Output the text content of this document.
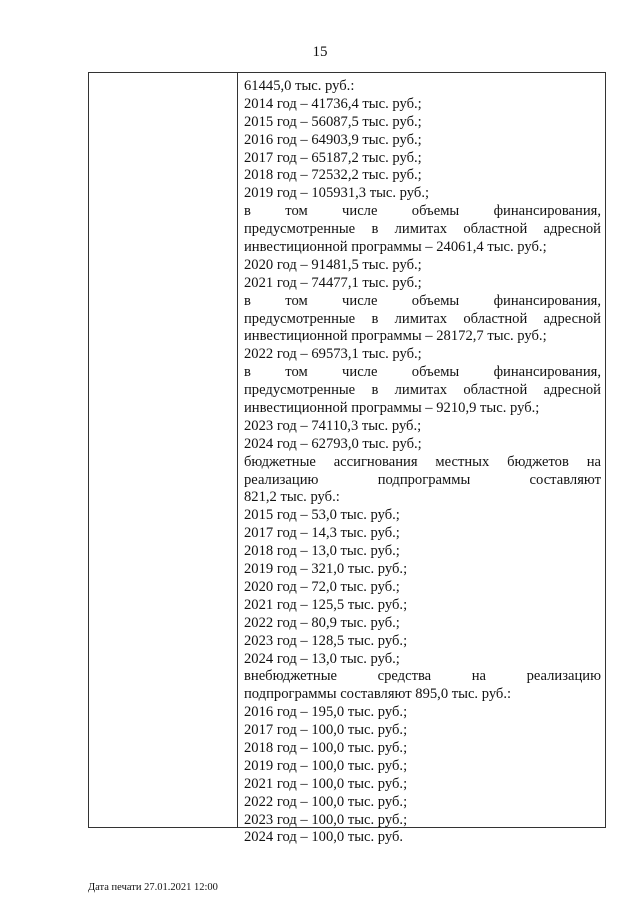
15
61445,0 тыс. руб.:
2014 год – 41736,4 тыс. руб.;
2015 год – 56087,5 тыс. руб.;
2016 год – 64903,9 тыс. руб.;
2017 год – 65187,2 тыс. руб.;
2018 год – 72532,2 тыс. руб.;
2019 год – 105931,3 тыс. руб.;
в том числе объемы финансирования,
предусмотренные в лимитах областной адресной
инвестиционной программы – 24061,4 тыс. руб.;
2020 год – 91481,5 тыс. руб.;
2021 год – 74477,1 тыс. руб.;
в том числе объемы финансирования,
предусмотренные в лимитах областной адресной
инвестиционной программы – 28172,7 тыс. руб.;
2022 год – 69573,1 тыс. руб.;
в том числе объемы финансирования,
предусмотренные в лимитах областной адресной
инвестиционной программы – 9210,9 тыс. руб.;
2023 год – 74110,3 тыс. руб.;
2024 год – 62793,0 тыс. руб.;
бюджетные ассигнования местных бюджетов на
реализацию подпрограммы составляют
821,2 тыс. руб.:
2015 год – 53,0 тыс. руб.;
2017 год – 14,3 тыс. руб.;
2018 год – 13,0 тыс. руб.;
2019 год – 321,0 тыс. руб.;
2020 год – 72,0 тыс. руб.;
2021 год – 125,5 тыс. руб.;
2022 год – 80,9 тыс. руб.;
2023 год – 128,5 тыс. руб.;
2024 год – 13,0 тыс. руб.;
внебюджетные средства на реализацию
подпрограммы составляют 895,0 тыс. руб.:
2016 год – 195,0 тыс. руб.;
2017 год – 100,0 тыс. руб.;
2018 год – 100,0 тыс. руб.;
2019 год – 100,0 тыс. руб.;
2021 год – 100,0 тыс. руб.;
2022 год – 100,0 тыс. руб.;
2023 год – 100,0 тыс. руб.;
2024 год – 100,0 тыс. руб.
Дата печати 27.01.2021 12:00
